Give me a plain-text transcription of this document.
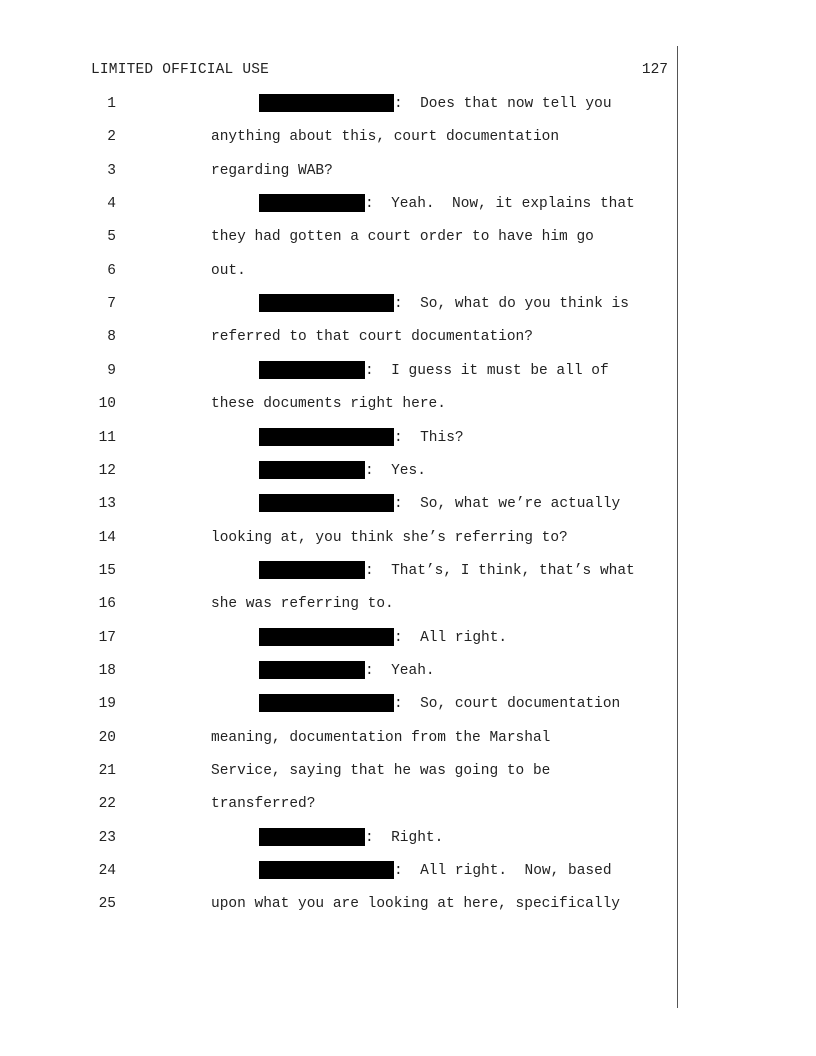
LIMITED OFFICIAL USE	127
1	:  Does that now tell you
2	anything about this, court documentation
3	regarding WAB?
4	:  Yeah.  Now, it explains that
5	they had gotten a court order to have him go
6	out.
7	:  So, what do you think is
8	referred to that court documentation?
9	:  I guess it must be all of
10	these documents right here.
11	:  This?
12	:  Yes.
13	:  So, what we’re actually
14	looking at, you think she’s referring to?
15	:  That’s, I think, that’s what
16	she was referring to.
17	:  All right.
18	:  Yeah.
19	:  So, court documentation
20	meaning, documentation from the Marshal
21	Service, saying that he was going to be
22	transferred?
23	:  Right.
24	:  All right.  Now, based
25	upon what you are looking at here, specifically
